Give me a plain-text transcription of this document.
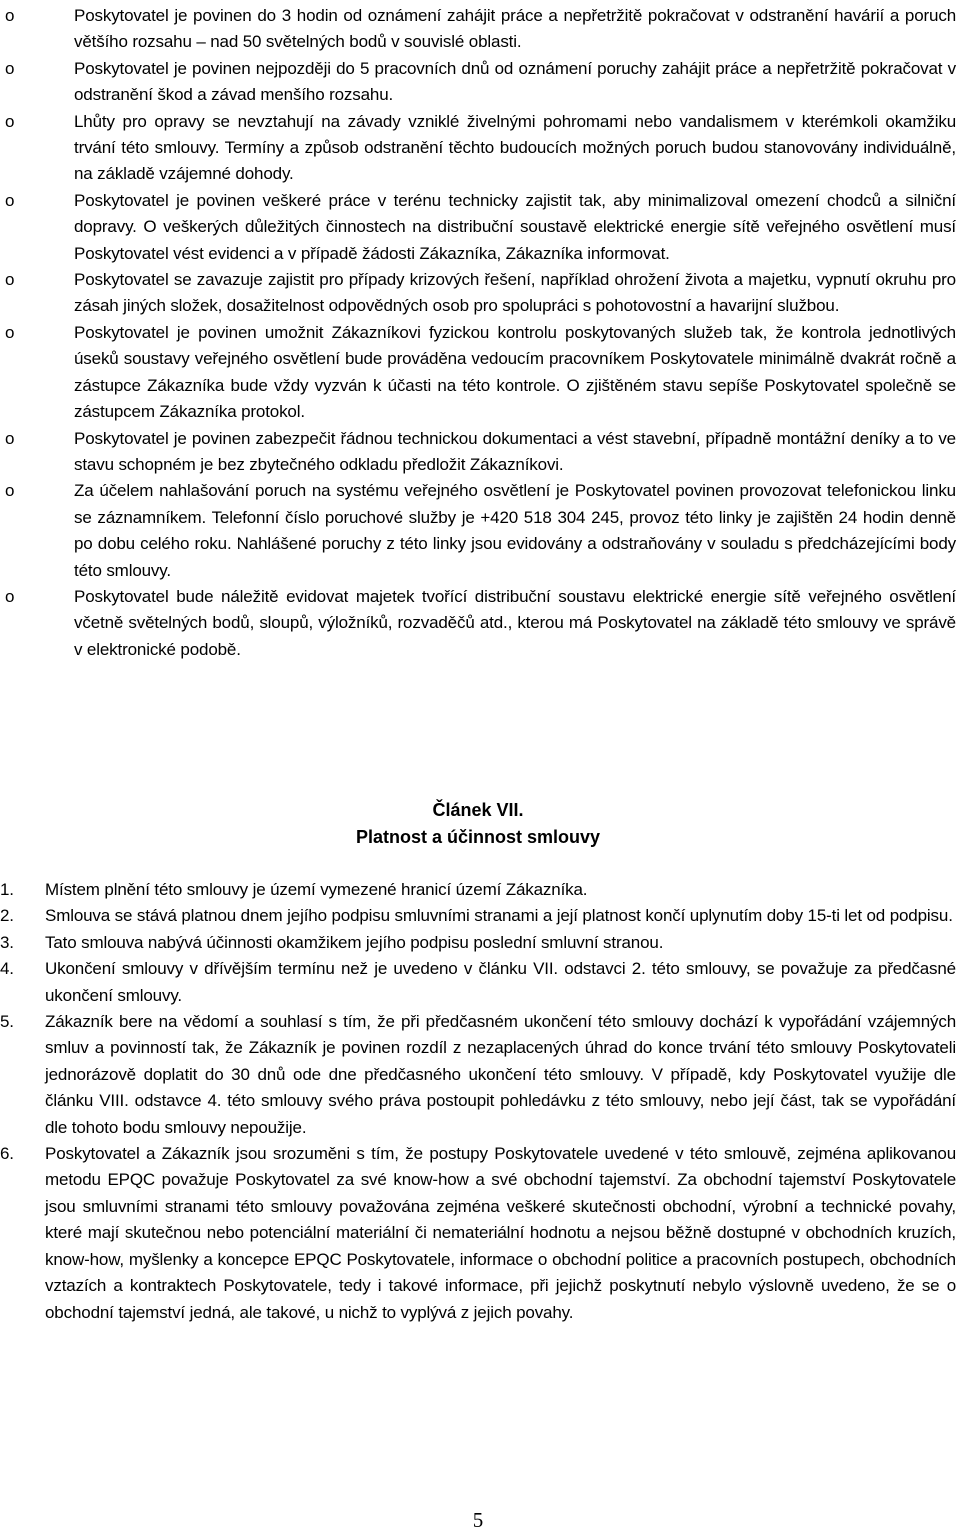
o	Poskytovatel je povinen do 3 hodin od oznámení zahájit práce a nepřetržitě pokračovat v odstranění havárií a poruch většího rozsahu – nad 50 světelných bodů v souvislé oblasti.
o	Poskytovatel je povinen nejpozději do 5 pracovních dnů od oznámení poruchy zahájit práce a nepřetržitě pokračovat v odstranění škod a závad menšího rozsahu.
o	Lhůty pro opravy se nevztahují na závady vzniklé živelnými pohromami nebo vandalismem v kterémkoli okamžiku trvání této smlouvy. Termíny a způsob odstranění těchto budoucích možných poruch budou stanovovány individuálně, na základě vzájemné dohody.
o	Poskytovatel je povinen veškeré práce v terénu technicky zajistit tak, aby minimalizoval omezení chodců a silniční dopravy. O veškerých důležitých činnostech na distribuční soustavě elektrické energie sítě veřejného osvětlení musí Poskytovatel vést evidenci a v případě žádosti Zákazníka, Zákazníka informovat.
o	Poskytovatel se zavazuje zajistit pro případy krizových řešení, například ohrožení života a majetku, vypnutí okruhu pro zásah jiných složek, dosažitelnost odpovědných osob pro spolupráci s pohotovostní a havarijní službou.
o	Poskytovatel je povinen umožnit Zákazníkovi fyzickou kontrolu poskytovaných služeb tak, že kontrola jednotlivých úseků soustavy veřejného osvětlení bude prováděna vedoucím pracovníkem Poskytovatele minimálně dvakrát ročně a zástupce Zákazníka bude vždy vyzván k účasti na této kontrole. O zjištěném stavu sepíše Poskytovatel společně se zástupcem Zákazníka protokol.
o	Poskytovatel je povinen zabezpečit řádnou technickou dokumentaci a vést stavební, případně montážní deníky a to ve stavu schopném je bez zbytečného odkladu předložit Zákazníkovi.
o	Za účelem nahlašování poruch na systému veřejného osvětlení je Poskytovatel povinen provozovat telefonickou linku se záznamníkem. Telefonní číslo poruchové služby je +420 518 304 245, provoz této linky je zajištěn 24 hodin denně po dobu celého roku. Nahlášené poruchy z této linky jsou evidovány a odstraňovány v souladu s předcházejícími body této smlouvy.
o	Poskytovatel bude náležitě evidovat majetek tvořící distribuční soustavu elektrické energie sítě veřejného osvětlení včetně světelných bodů, sloupů, výložníků, rozvaděčů atd., kterou má Poskytovatel na základě této smlouvy ve správě v elektronické podobě.
Článek VII.
Platnost a účinnost smlouvy
1. Místem plnění této smlouvy je území vymezené hranicí území Zákazníka.
2. Smlouva se stává platnou dnem jejího podpisu smluvními stranami a její platnost končí uplynutím doby 15-ti let od podpisu.
3. Tato smlouva nabývá účinnosti okamžikem jejího podpisu poslední smluvní stranou.
4. Ukončení smlouvy v dřívějším termínu než je uvedeno v článku VII. odstavci 2. této smlouvy, se považuje za předčasné ukončení smlouvy.
5. Zákazník bere na vědomí a souhlasí s tím, že při předčasném ukončení této smlouvy dochází k vypořádání vzájemných smluv a povinností tak, že Zákazník je povinen rozdíl z nezaplacených úhrad do konce trvání této smlouvy Poskytovateli jednorázově doplatit do 30 dnů ode dne předčasného ukončení této smlouvy. V případě, kdy Poskytovatel využije dle článku VIII. odstavce 4. této smlouvy svého práva postoupit pohledávku z této smlouvy, nebo její část, tak se vypořádání dle tohoto bodu smlouvy nepoužije.
6. Poskytovatel a Zákazník jsou srozuměni s tím, že postupy Poskytovatele uvedené v této smlouvě, zejména aplikovanou metodu EPQC považuje Poskytovatel za své know-how a své obchodní tajemství. Za obchodní tajemství Poskytovatele jsou smluvními stranami této smlouvy považována zejména veškeré skutečnosti obchodní, výrobní a technické povahy, které mají skutečnou nebo potenciální materiální či nemateriální hodnotu a nejsou běžně dostupné v obchodních kruzích, know-how, myšlenky a koncepce EPQC Poskytovatele, informace o obchodní politice a pracovních postupech, obchodních vztazích a kontraktech Poskytovatele, tedy i takové informace, při jejichž poskytnutí nebylo výslovně uvedeno, že se o obchodní tajemství jedná, ale takové, u nichž to vyplývá z jejich povahy.
5
